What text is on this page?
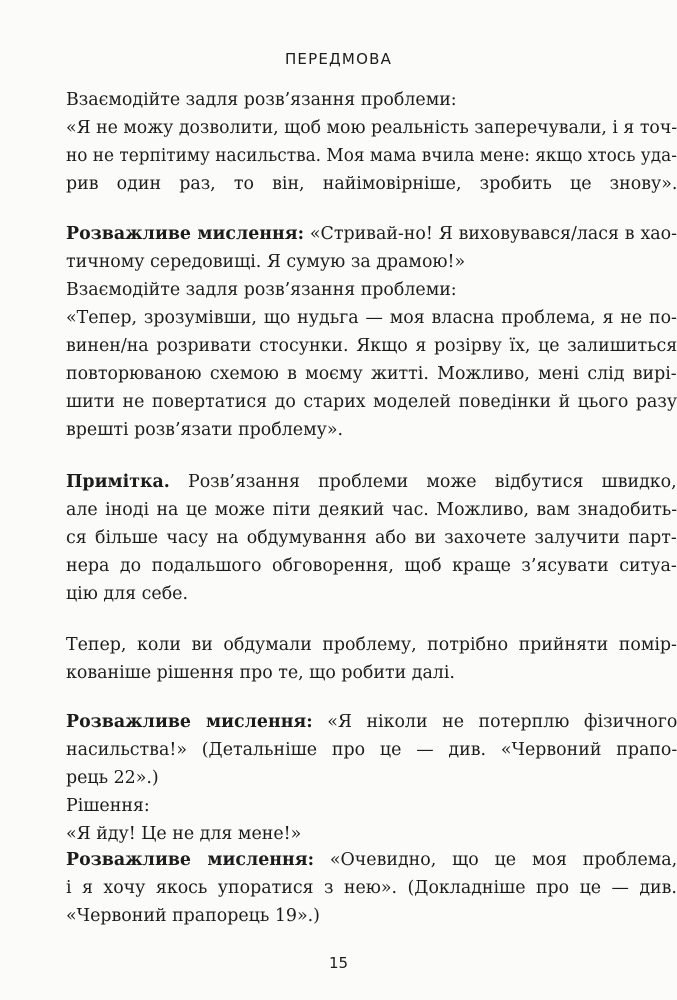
ПЕРЕДМОВА
Взаємодійте задля розв’язання проблеми:
«Я не можу дозволити, щоб мою реальність заперечували, і я точ-
но не терпітиму насильства. Моя мама вчила мене: якщо хтось уда-
рив один раз, то він, найімовірніше, зробить це знову».
Розважливе мислення: «Стривай-но! Я виховувався/лася в хао-
тичному середовищі. Я сумую за драмою!»
Взаємодійте задля розв’язання проблеми:
«Тепер, зрозумівши, що нудьга — моя власна проблема, я не по-
винен/на розривати стосунки. Якщо я розірву їх, це залишиться
повторюваною схемою в моєму житті. Можливо, мені слід вирі-
шити не повертатися до старих моделей поведінки й цього разу
врешті розв’язати проблему».
Примітка. Розв’язання проблеми може відбутися швидко,
але іноді на це може піти деякий час. Можливо, вам знадобить-
ся більше часу на обдумування або ви захочете залучити парт-
нера до подальшого обговорення, щоб краще з’ясувати ситуа-
цію для себе.
Тепер, коли ви обдумали проблему, потрібно прийняти помір-
кованіше рішення про те, що робити далі.
Розважливе мислення: «Я ніколи не потерплю фізичного
насильства!» (Детальніше про це — див. «Червоний прапо-
рець 22».)
Рішення:
«Я йду! Це не для мене!»
Розважливе мислення: «Очевидно, що це моя проблема,
і я хочу якось упоратися з нею». (Докладніше про це — див.
«Червоний прапорець 19».)
15
